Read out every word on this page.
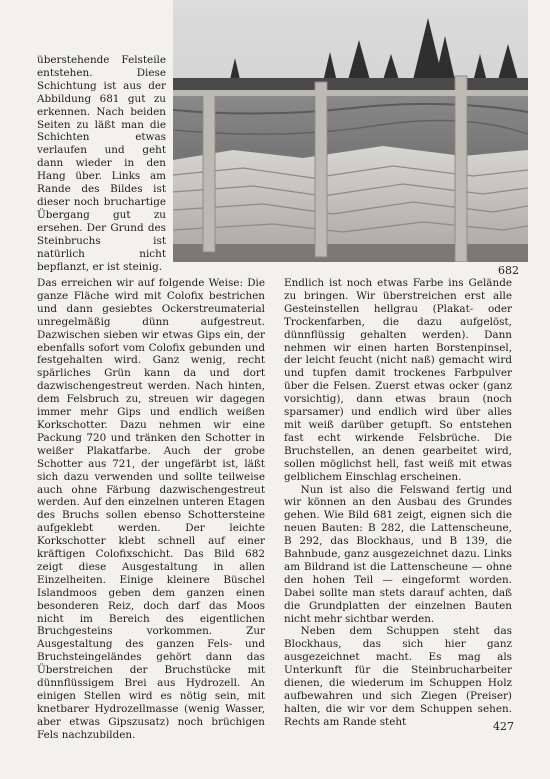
682

überstehende Felsteile entstehen. Diese Schichtung ist aus der Abbildung 681 gut zu erkennen. Nach beiden Seiten zu läßt man die Schichten etwas verlaufen und geht dann wieder in den Hang über. Links am Rande des Bildes ist dieser noch bruchartige Übergang gut zu ersehen. Der Grund des Steinbruchs ist natürlich nicht bepflanzt, er ist steinig.

Das erreichen wir auf folgende Weise: Die ganze Fläche wird mit Colofix bestrichen und dann gesiebtes Ockerstreumaterial unregelmäßig dünn aufgestreut. Dazwischen sieben wir etwas Gips ein, der ebenfalls sofort vom Colofix gebunden und festgehalten wird. Ganz wenig, recht spärliches Grün kann da und dort dazwischengestreut werden. Nach hinten, dem Felsbruch zu, streuen wir dagegen immer mehr Gips und endlich weißen Korkschotter. Dazu nehmen wir eine Packung 720 und tränken den Schotter in weißer Plakatfarbe. Auch der grobe Schotter aus 721, der ungefärbt ist, läßt sich dazu verwenden und sollte teilweise auch ohne Färbung dazwischengestreut werden. Auf den einzelnen unteren Etagen des Bruchs sollen ebenso Schottersteine aufgeklebt werden. Der leichte Korkschotter klebt schnell auf einer kräftigen Colofixschicht. Das Bild 682 zeigt diese Ausgestaltung in allen Einzelheiten. Einige kleinere Büschel Islandmoos geben dem ganzen einen besonderen Reiz, doch darf das Moos nicht im Bereich des eigentlichen Bruchgesteins vorkommen. Zur Ausgestaltung des ganzen Fels- und Bruchsteingeländes gehört dann das Überstreichen der Bruchstücke mit dünnflüssigem Brei aus Hydrozell. An einigen Stellen wird es nötig sein, mit knetbarer Hydrozellmasse (wenig Wasser, aber etwas Gipszusatz) noch brüchigen Fels nachzubilden.

Endlich ist noch etwas Farbe ins Gelände zu bringen. Wir überstreichen erst alle Gesteinstellen hellgrau (Plakat- oder Trockenfarben, die dazu aufgelöst, dünnflüssig gehalten werden). Dann nehmen wir einen harten Borstenpinsel, der leicht feucht (nicht naß) gemacht wird und tupfen damit trockenes Farbpulver über die Felsen. Zuerst etwas ocker (ganz vorsichtig), dann etwas braun (noch sparsamer) und endlich wird über alles mit weiß darüber getupft. So entstehen fast echt wirkende Felsbrüche. Die Bruchstellen, an denen gearbeitet wird, sollen möglichst hell, fast weiß mit etwas gelblichem Einschlag erscheinen.

Nun ist also die Felswand fertig und wir können an den Ausbau des Grundes gehen. Wie Bild 681 zeigt, eignen sich die neuen Bauten: B 282, die Lattenscheune, B 292, das Blockhaus, und B 139, die Bahnbude, ganz ausgezeichnet dazu. Links am Bildrand ist die Lattenscheune — ohne den hohen Teil — eingeformt worden. Dabei sollte man stets darauf achten, daß die Grundplatten der einzelnen Bauten nicht mehr sichtbar werden.

Neben dem Schuppen steht das Blockhaus, das sich hier ganz ausgezeichnet macht. Es mag als Unterkunft für die Steinbrucharbeiter dienen, die wiederum im Schuppen Holz aufbewahren und sich Ziegen (Preiser) halten, die wir vor dem Schuppen sehen. Rechts am Rande steht	427
